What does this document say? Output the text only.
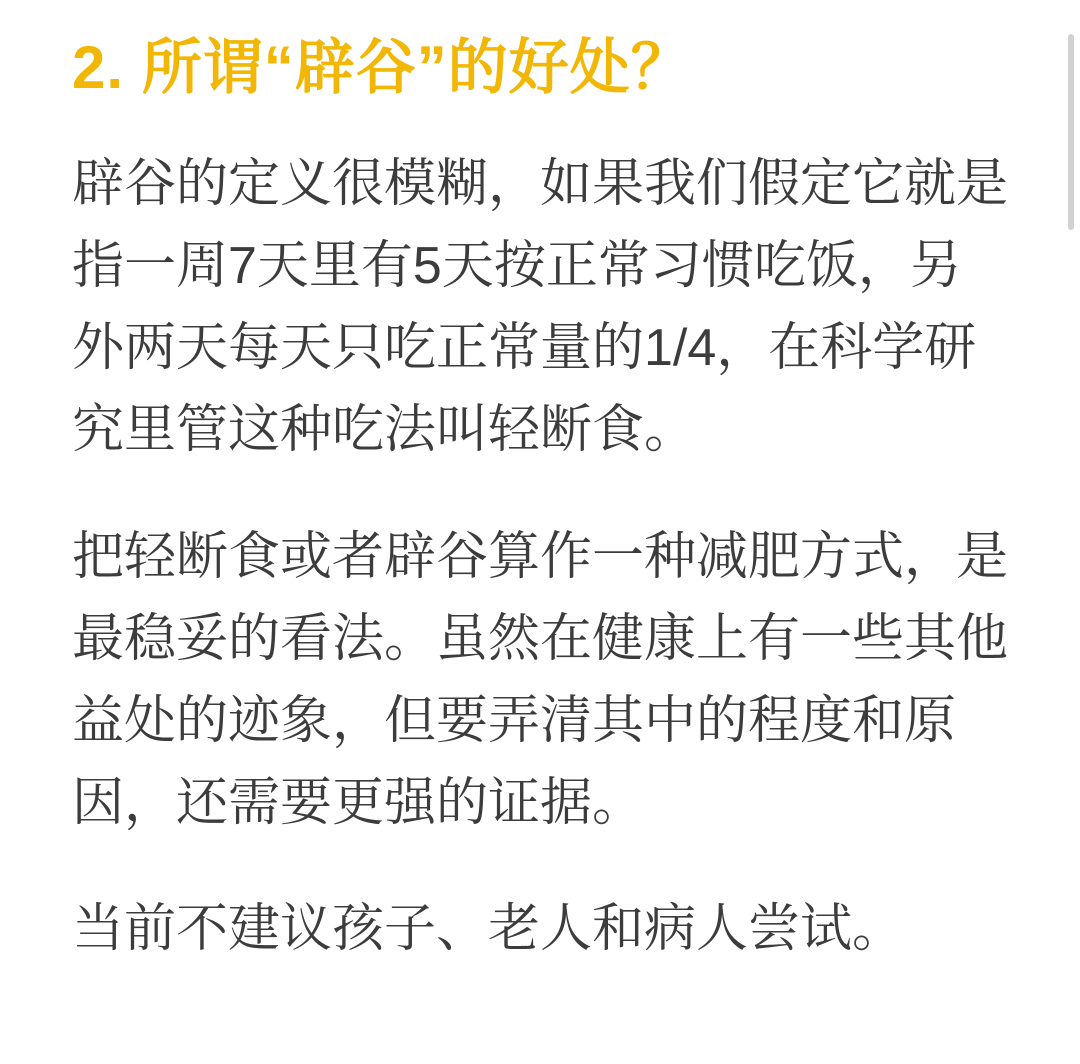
2. 所谓“辟谷”的好处？

辟谷的定义很模糊，如果我们假定它就是指一周7天里有5天按正常习惯吃饭，另外两天每天只吃正常量的1/4，在科学研究里管这种吃法叫轻断食。

把轻断食或者辟谷算作一种减肥方式，是最稳妥的看法。虽然在健康上有一些其他益处的迹象，但要弄清其中的程度和原因，还需要更强的证据。

当前不建议孩子、老人和病人尝试。
